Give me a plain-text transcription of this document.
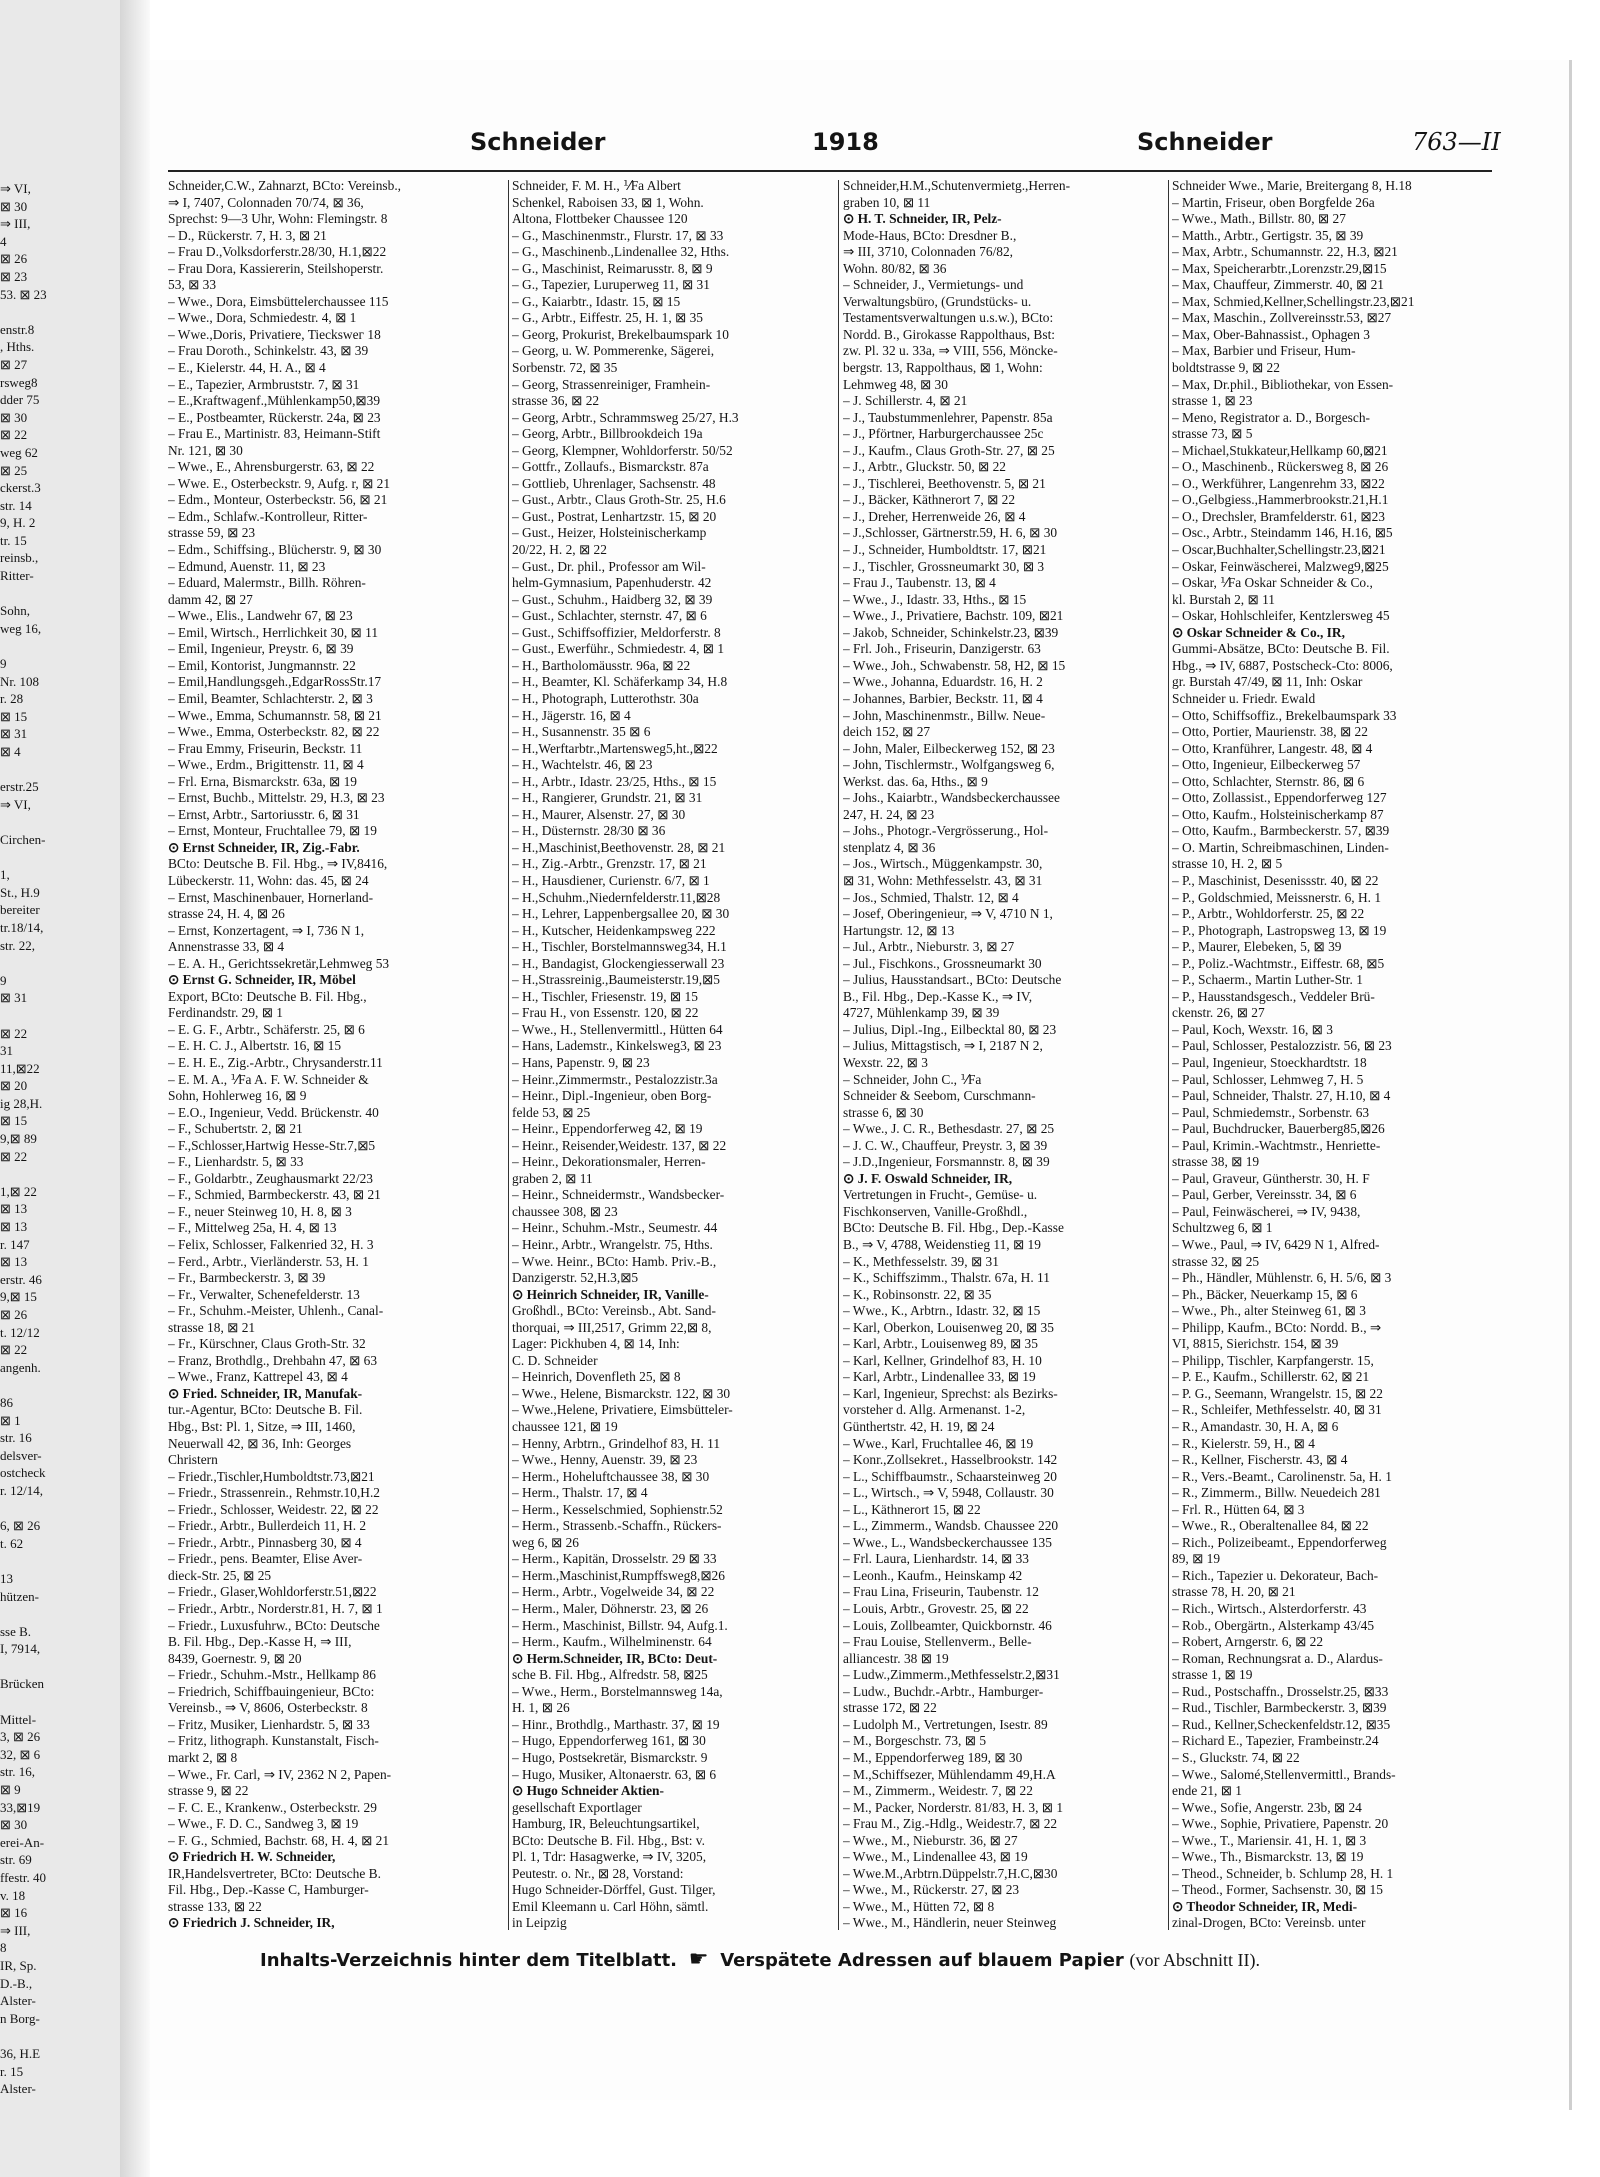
⇒ VI,
⊠ 30
⇒ III,
4
⊠ 26
⊠ 23
53. ⊠ 23
enstr.8
, Hths.
⊠ 27
rsweg8
dder 75
⊠ 30
⊠ 22
weg 62
⊠ 25
ckerst.3
str. 14
9, H. 2
tr. 15
reinsb.,
Ritter-
Sohn,
weg 16,
9
Nr. 108
r. 28
⊠ 15
⊠ 31
⊠ 4
erstr.25
⇒ VI,
Circhen-
1,
St., H.9
bereiter
tr.18/14,
str. 22,
9
⊠ 31
⊠ 22
31
11,⊠22
⊠ 20
ig 28,H.
⊠ 15
9,⊠ 89
⊠ 22
1,⊠ 22
⊠ 13
⊠ 13
r. 147
⊠ 13
erstr. 46
9,⊠ 15
⊠ 26
t. 12/12
⊠ 22
angenh.
86
⊠ 1
str. 16
delsver-
ostcheck
r. 12/14,
6, ⊠ 26
t. 62
13
hützen-
sse B.
I, 7914,
Brücken
Mittel-
3, ⊠ 26
32, ⊠ 6
str. 16,
⊠ 9
33,⊠19
⊠ 30
erei-An-
str. 69
ffestr. 40
v. 18
⊠ 16
⇒ III,
8
IR, Sp.
D.-B.,
Alster-
n Borg-
36, H.E
r. 15
Alster-
Schneider	1918	Schneider	763—II
Schneider,C.W., Zahnarzt, BCto: Vereinsb.,
⇒ I, 7407, Colonnaden 70/74, ⊠ 36,
Sprechst: 9—3 Uhr, Wohn: Flemingstr. 8
– D., Rückerstr. 7, H. 3, ⊠ 21
– Frau D.,Volksdorferstr.28/30, H.1,⊠22
– Frau Dora, Kassiererin, Steilshoperstr.
53, ⊠ 33
– Wwe., Dora, Eimsbüttelerchaussee 115
– Wwe., Dora, Schmiedestr. 4, ⊠ 1
– Wwe.,Doris, Privatiere, Tieckswег 18
– Frau Doroth., Schinkelstr. 43, ⊠ 39
– E., Kielerstr. 44, H. A., ⊠ 4
– E., Tapezier, Armbruststr. 7, ⊠ 31
– E.,Kraftwagenf.,Mühlenkamp50,⊠39
– E., Postbeamter, Rückerstr. 24a, ⊠ 23
– Frau E., Martinistr. 83, Heimann-Stift
Nr. 121, ⊠ 30
– Wwe., E., Ahrensburgerstr. 63, ⊠ 22
– Wwe. E., Osterbeckstr. 9, Aufg. r, ⊠ 21
– Edm., Monteur, Osterbeckstr. 56, ⊠ 21
– Edm., Schlafw.-Kontrolleur, Ritter-
strasse 59, ⊠ 23
– Edm., Schiffsing., Blücherstr. 9, ⊠ 30
– Edmund, Auenstr. 11, ⊠ 23
– Eduard, Malermstr., Billh. Röhren-
damm 42, ⊠ 27
– Wwe., Elis., Landwehr 67, ⊠ 23
– Emil, Wirtsch., Herrlichkeit 30, ⊠ 11
– Emil, Ingenieur, Preystr. 6, ⊠ 39
– Emil, Kontorist, Jungmannstr. 22
– Emil,Handlungsgeh.,EdgarRossStr.17
– Emil, Beamter, Schlachterstr. 2, ⊠ 3
– Wwe., Emma, Schumannstr. 58, ⊠ 21
– Wwe., Emma, Osterbeckstr. 82, ⊠ 22
– Frau Emmy, Friseurin, Beckstr. 11
– Wwe., Erdm., Brigittenstr. 11, ⊠ 4
– Frl. Erna, Bismarckstr. 63a, ⊠ 19
– Ernst, Buchb., Mittelstr. 29, H.3, ⊠ 23
– Ernst, Arbtr., Sartoriusstr. 6, ⊠ 31
– Ernst, Monteur, Fruchtallee 79, ⊠ 19
⊙ Ernst Schneider, IR, Zig.-Fabr.
BCto: Deutsche B. Fil. Hbg., ⇒ IV,8416,
Lübeckerstr. 11, Wohn: das. 45, ⊠ 24
– Ernst, Maschinenbauer, Hornerland-
strasse 24, H. 4, ⊠ 26
– Ernst, Konzertagent, ⇒ I, 736 N 1,
Annenstrasse 33, ⊠ 4
– E. A. H., Gerichtssekretär,Lehmweg 53
⊙ Ernst G. Schneider, IR, Möbel
Export, BCto: Deutsche B. Fil. Hbg.,
Ferdinandstr. 29, ⊠ 1
– E. G. F., Arbtr., Schäferstr. 25, ⊠ 6
– E. H. C. J., Albertstr. 16, ⊠ 15
– E. H. E., Zig.-Arbtr., Chrysanderstr.11
– E. M. A., ⅟Fa A. F. W. Schneider &
Sohn, Hohlerweg 16, ⊠ 9
– E.O., Ingenieur, Vedd. Brückenstr. 40
– F., Schubertstr. 2, ⊠ 21
– F.,Schlosser,Hartwig Hesse-Str.7,⊠5
– F., Lienhardstr. 5, ⊠ 33
– F., Goldarbtr., Zeughausmarkt 22/23
– F., Schmied, Barmbeckerstr. 43, ⊠ 21
– F., neuer Steinweg 10, H. 8, ⊠ 3
– F., Mittelweg 25a, H. 4, ⊠ 13
– Felix, Schlosser, Falkenried 32, H. 3
– Ferd., Arbtr., Vierländerstr. 53, H. 1
– Fr., Barmbeckerstr. 3, ⊠ 39
– Fr., Verwalter, Schenefelderstr. 13
– Fr., Schuhm.-Meister, Uhlenh., Canal-
strasse 18, ⊠ 21
– Fr., Kürschner, Claus Groth-Str. 32
– Franz, Brothdlg., Drehbahn 47, ⊠ 63
– Wwe., Franz, Kattrepel 43, ⊠ 4
⊙ Fried. Schneider, IR, Manufak-
tur.-Agentur, BCto: Deutsche B. Fil.
Hbg., Bst: Pl. 1, Sitze, ⇒ III, 1460,
Neuerwall 42, ⊠ 36, Inh: Georges
Christern
– Friedr.,Tischler,Humboldtstr.73,⊠21
– Friedr., Strassenrein., Rehmstr.10,H.2
– Friedr., Schlosser, Weidestr. 22, ⊠ 22
– Friedr., Arbtr., Bullerdeich 11, H. 2
– Friedr., Arbtr., Pinnasberg 30, ⊠ 4
– Friedr., pens. Beamter, Elise Aver-
dieck-Str. 25, ⊠ 25
– Friedr., Glaser,Wohldorferstr.51,⊠22
– Friedr., Arbtr., Norderstr.81, H. 7, ⊠ 1
– Friedr., Luxusfuhrw., BCto: Deutsche
B. Fil. Hbg., Dep.-Kasse H, ⇒ III,
8439, Goernestr. 9, ⊠ 20
– Friedr., Schuhm.-Mstr., Hellkamp 86
– Friedrich, Schiffbauingenieur, BCto:
Vereinsb., ⇒ V, 8606, Osterbeckstr. 8
– Fritz, Musiker, Lienhardstr. 5, ⊠ 33
– Fritz, lithograph. Kunstanstalt, Fisch-
markt 2, ⊠ 8
– Wwe., Fr. Carl, ⇒ IV, 2362 N 2, Papen-
strasse 9, ⊠ 22
– F. C. E., Krankenw., Osterbeckstr. 29
– Wwe., F. D. C., Sandweg 3, ⊠ 19
– F. G., Schmied, Bachstr. 68, H. 4, ⊠ 21
⊙ Friedrich H. W. Schneider,
IR,Handelsvertreter, BCto: Deutsche B.
Fil. Hbg., Dep.-Kasse C, Hamburger-
strasse 133, ⊠ 22
⊙ Friedrich J. Schneider, IR,
Schneider, F. M. H., ⅟Fa Albert
Schenkel, Raboisen 33, ⊠ 1, Wohn.
Altona, Flottbeker Chaussee 120
– G., Maschinenmstr., Flurstr. 17, ⊠ 33
– G., Maschinenb.,Lindenallee 32, Hths.
– G., Maschinist, Reimarusstr. 8, ⊠ 9
– G., Tapezier, Luruperweg 11, ⊠ 31
– G., Kaiarbtr., Idastr. 15, ⊠ 15
– G., Arbtr., Eiffestr. 25, H. 1, ⊠ 35
– Georg, Prokurist, Brekelbaumspark 10
– Georg, u. W. Pommerenke, Sägerei,
Sorbenstr. 72, ⊠ 35
– Georg, Strassenreiniger, Framhein-
strasse 36, ⊠ 22
– Georg, Arbtr., Schrammsweg 25/27, H.3
– Georg, Arbtr., Billbrookdeich 19a
– Georg, Klempner, Wohldorferstr. 50/52
– Gottfr., Zollaufs., Bismarckstr. 87a
– Gottlieb, Uhrenlager, Sachsenstr. 48
– Gust., Arbtr., Claus Groth-Str. 25, H.6
– Gust., Postrat, Lenhartzstr. 15, ⊠ 20
– Gust., Heizer, Holsteinischerkamp
20/22, H. 2, ⊠ 22
– Gust., Dr. phil., Professor am Wil-
helm-Gymnasium, Papenhuderstr. 42
– Gust., Schuhm., Haidberg 32, ⊠ 39
– Gust., Schlachter, sternstr. 47, ⊠ 6
– Gust., Schiffsoffizier, Meldorferstr. 8
– Gust., Ewerführ., Schmiedestr. 4, ⊠ 1
– H., Bartholomäusstr. 96a, ⊠ 22
– H., Beamter, Kl. Schäferkamp 34, H.8
– H., Photograph, Lutterothstr. 30a
– H., Jägerstr. 16, ⊠ 4
– H., Susannenstr. 35 ⊠ 6
– H.,Werftarbtr.,Martensweg5,ht.,⊠22
– H., Wachtelstr. 46, ⊠ 23
– H., Arbtr., Idastr. 23/25, Hths., ⊠ 15
– H., Rangierer, Grundstr. 21, ⊠ 31
– H., Maurer, Alsenstr. 27, ⊠ 30
– H., Düsternstr. 28/30 ⊠ 36
– H.,Maschinist,Beethovenstr. 28, ⊠ 21
– H., Zig.-Arbtr., Grenzstr. 17, ⊠ 21
– H., Hausdiener, Curienstr. 6/7, ⊠ 1
– H.,Schuhm.,Niedernfelderstr.11,⊠28
– H., Lehrer, Lappenbergsallee 20, ⊠ 30
– H., Kutscher, Heidenkampsweg 222
– H., Tischler, Borstelmannsweg34, H.1
– H., Bandagist, Glockengiesserwall 23
– H.,Strassreinig.,Baumeisterstr.19,⊠5
– H., Tischler, Friesenstr. 19, ⊠ 15
– Frau H., von Essenstr. 120, ⊠ 22
– Wwe., H., Stellenvermittl., Hütten 64
– Hans, Lademstr., Kinkelsweg3, ⊠ 23
– Hans, Papenstr. 9, ⊠ 23
– Heinr.,Zimmermstr., Pestalozzistr.3a
– Heinr., Dipl.-Ingenieur, oben Borg-
felde 53, ⊠ 25
– Heinr., Eppendorferweg 42, ⊠ 19
– Heinr., Reisender,Weidestr. 137, ⊠ 22
– Heinr., Dekorationsmaler, Herren-
graben 2, ⊠ 11
– Heinr., Schneidermstr., Wandsbecker-
chaussee 308, ⊠ 23
– Heinr., Schuhm.-Mstr., Seumestr. 44
– Heinr., Arbtr., Wrangelstr. 75, Hths.
– Wwe. Heinr., BCto: Hamb. Priv.-B.,
Danzigerstr. 52,H.3,⊠5
⊙ Heinrich Schneider, IR, Vanille-
Großhdl., BCto: Vereinsb., Abt. Sand-
thorquai, ⇒ III,2517, Grimm 22,⊠ 8,
Lager: Pickhuben 4, ⊠ 14, Inh:
C. D. Schneider
– Heinrich, Dovenfleth 25, ⊠ 8
– Wwe., Helene, Bismarckstr. 122, ⊠ 30
– Wwe.,Helene, Privatiere, Eimsbütteler-
chaussee 121, ⊠ 19
– Henny, Arbtrn., Grindelhof 83, H. 11
– Wwe., Henny, Auenstr. 39, ⊠ 23
– Herm., Hoheluftchaussee 38, ⊠ 30
– Herm., Thalstr. 17, ⊠ 4
– Herm., Kesselschmied, Sophienstr.52
– Herm., Strassenb.-Schaffn., Rückers-
weg 6, ⊠ 26
– Herm., Kapitän, Drosselstr. 29 ⊠ 33
– Herm.,Maschinist,Rumpffsweg8,⊠26
– Herm., Arbtr., Vogelweide 34, ⊠ 22
– Herm., Maler, Döhnerstr. 23, ⊠ 26
– Herm., Maschinist, Billstr. 94, Aufg.1.
– Herm., Kaufm., Wilhelminenstr. 64
⊙ Herm.Schneider, IR, BCto: Deut-
sche B. Fil. Hbg., Alfredstr. 58, ⊠25
– Wwe., Herm., Borstelmannsweg 14a,
H. 1, ⊠ 26
– Hinr., Brothdlg., Marthastr. 37, ⊠ 19
– Hugo, Eppendorferweg 161, ⊠ 30
– Hugo, Postsekretär, Bismarckstr. 9
– Hugo, Musiker, Altonaerstr. 63, ⊠ 6
⊙ Hugo Schneider Aktien-
gesellschaft Exportlager
Hamburg, IR, Beleuchtungsartikel,
BCto: Deutsche B. Fil. Hbg., Bst: v.
Pl. 1, Tdr: Hasagwerke, ⇒ IV, 3205,
Peutestr. o. Nr., ⊠ 28, Vorstand:
Hugo Schneider-Dörffel, Gust. Tilger,
Emil Kleemann u. Carl Höhn, sämtl.
in Leipzig
Schneider,H.M.,Schutenvermietg.,Herren-
graben 10, ⊠ 11
⊙ H. T. Schneider, IR, Pelz-
Mode-Haus, BCto: Dresdner B.,
⇒ III, 3710, Colonnaden 76/82,
Wohn. 80/82, ⊠ 36
– Schneider, J., Vermietungs- und
Verwaltungsbüro, (Grundstücks- u.
Testamentsverwaltungen u.s.w.), BCto:
Nordd. B., Girokasse Rappolthaus, Bst:
zw. Pl. 32 u. 33a, ⇒ VIII, 556, Mönckе-
bergstr. 13, Rappolthaus, ⊠ 1, Wohn:
Lehmweg 48, ⊠ 30
– J. Schillerstr. 4, ⊠ 21
– J., Taubstummenlehrer, Papenstr. 85a
– J., Pförtner, Harburgerchaussee 25c
– J., Kaufm., Claus Groth-Str. 27, ⊠ 25
– J., Arbtr., Gluckstr. 50, ⊠ 22
– J., Tischlerei, Beethovenstr. 5, ⊠ 21
– J., Bäcker, Käthnerort 7, ⊠ 22
– J., Dreher, Herrenweide 26, ⊠ 4
– J.,Schlosser, Gärtnerstr.59, H. 6, ⊠ 30
– J., Schneider, Humboldtstr. 17, ⊠21
– J., Tischler, Grossneumarkt 30, ⊠ 3
– Frau J., Taubenstr. 13, ⊠ 4
– Wwe., J., Idastr. 33, Hths., ⊠ 15
– Wwe., J., Privatiere, Bachstr. 109, ⊠21
– Jakob, Schneider, Schinkelstr.23, ⊠39
– Frl. Joh., Friseurin, Danzigerstr. 63
– Wwe., Joh., Schwabenstr. 58, H2, ⊠ 15
– Wwe., Johanna, Eduardstr. 16, H. 2
– Johannes, Barbier, Beckstr. 11, ⊠ 4
– John, Maschinenmstr., Billw. Neue-
deich 152, ⊠ 27
– John, Maler, Eilbeckerweg 152, ⊠ 23
– John, Tischlermstr., Wolfgangsweg 6,
Werkst. das. 6a, Hths., ⊠ 9
– Johs., Kaiarbtr., Wandsbeckerchaussee
247, H. 24, ⊠ 23
– Johs., Photogr.-Vergrösserung., Hol-
stenplatz 4, ⊠ 36
– Jos., Wirtsch., Müggenkampstr. 30,
⊠ 31, Wohn: Methfesselstr. 43, ⊠ 31
– Jos., Schmied, Thalstr. 12, ⊠ 4
– Josef, Oberingenieur, ⇒ V, 4710 N 1,
Hartungstr. 12, ⊠ 13
– Jul., Arbtr., Nieburstr. 3, ⊠ 27
– Jul., Fischkons., Grossneumarkt 30
– Julius, Hausstandsart., BCto: Deutsche
B., Fil. Hbg., Dep.-Kasse K., ⇒ IV,
4727, Mühlenkamp 39, ⊠ 39
– Julius, Dipl.-Ing., Eilbecktal 80, ⊠ 23
– Julius, Mittagstisch, ⇒ I, 2187 N 2,
Wexstr. 22, ⊠ 3
– Schneider, John C., ⅟Fa
Schneider & Seebom, Curschmann-
strasse 6, ⊠ 30
– Wwe., J. C. R., Bethesdastr. 27, ⊠ 25
– J. C. W., Chauffeur, Preystr. 3, ⊠ 39
– J.D.,Ingenieur, Forsmannstr. 8, ⊠ 39
⊙ J. F. Oswald Schneider, IR,
Vertretungen in Frucht-, Gemüse- u.
Fischkonserven, Vanille-Großhdl.,
BCto: Deutsche B. Fil. Hbg., Dep.-Kasse
B., ⇒ V, 4788, Weidenstieg 11, ⊠ 19
– K., Methfesselstr. 39, ⊠ 31
– K., Schiffszimm., Thalstr. 67a, H. 11
– K., Robinsonstr. 22, ⊠ 35
– Wwe., K., Arbtrn., Idastr. 32, ⊠ 15
– Karl, Oberkon, Louisenweg 20, ⊠ 35
– Karl, Arbtr., Louisenweg 89, ⊠ 35
– Karl, Kellner, Grindelhof 83, H. 10
– Karl, Arbtr., Lindenallee 33, ⊠ 19
– Karl, Ingenieur, Sprechst: als Bezirks-
vorsteher d. Allg. Armenanst. 1-2,
Günthertstr. 42, H. 19, ⊠ 24
– Wwe., Karl, Fruchtallee 46, ⊠ 19
– Konr.,Zollsekret., Hasselbrookstr. 142
– L., Schiffbaumstr., Schaarsteinweg 20
– L., Wirtsch., ⇒ V, 5948, Collaustr. 30
– L., Käthnerort 15, ⊠ 22
– L., Zimmerm., Wandsb. Chaussee 220
– Wwe., L., Wandsbeckerchaussee 135
– Frl. Laura, Lienhardstr. 14, ⊠ 33
– Leonh., Kaufm., Heinskamp 42
– Frau Lina, Friseurin, Taubenstr. 12
– Louis, Arbtr., Grovestr. 25, ⊠ 22
– Louis, Zollbeamter, Quickbornstr. 46
– Frau Louise, Stellenverm., Belle-
alliancestr. 38 ⊠ 19
– Ludw.,Zimmerm.,Methfesselstr.2,⊠31
– Ludw., Buchdr.-Arbtr., Hamburger-
strasse 172, ⊠ 22
– Ludolph M., Vertretungen, Isestr. 89
– M., Borgeschstr. 73, ⊠ 5
– M., Eppendorferweg 189, ⊠ 30
– M.,Schiffsezer, Mühlendamm 49,H.A
– M., Zimmerm., Weidestr. 7, ⊠ 22
– M., Packer, Norderstr. 81/83, H. 3, ⊠ 1
– Frau M., Zig.-Hdlg., Weidestr.7, ⊠ 22
– Wwe., M., Nieburstr. 36, ⊠ 27
– Wwe., M., Lindenallee 43, ⊠ 19
– Wwe.M.,Arbtrn.Düppelstr.7,H.C,⊠30
– Wwe., M., Rückerstr. 27, ⊠ 23
– Wwe., M., Hütten 72, ⊠ 8
– Wwe., M., Händlerin, neuer Steinweg
Schneider Wwe., Marie, Breitergang 8, H.18
– Martin, Friseur, oben Borgfelde 26a
– Wwe., Math., Billstr. 80, ⊠ 27
– Matth., Arbtr., Gertigstr. 35, ⊠ 39
– Max, Arbtr., Schumannstr. 22, H.3, ⊠21
– Max, Speicherarbtr.,Lorenzstr.29,⊠15
– Max, Chauffeur, Zimmerstr. 40, ⊠ 21
– Max, Schmied,Kellner,Schellingstr.23,⊠21
– Max, Maschin., Zollvereinsstr.53, ⊠27
– Max, Ober-Bahnassist., Ophagen 3
– Max, Barbier und Friseur, Hum-
boldtstrasse 9, ⊠ 22
– Max, Dr.phil., Bibliothekar, von Essen-
strasse 1, ⊠ 23
– Meno, Registrator a. D., Borgesch-
strasse 73, ⊠ 5
– Michael,Stukkateur,Hellkamp 60,⊠21
– O., Maschinenb., Rückersweg 8, ⊠ 26
– O., Werkführer, Langenrehm 33, ⊠22
– O.,Gelbgiess.,Hammerbrookstr.21,H.1
– O., Drechsler, Bramfelderstr. 61, ⊠23
– Osc., Arbtr., Steindamm 146, H.16, ⊠5
– Oscar,Buchhalter,Schellingstr.23,⊠21
– Oskar, Feinwäscherei, Malzweg9,⊠25
– Oskar, ⅟Fa Oskar Schneider & Co.,
kl. Burstah 2, ⊠ 11
– Oskar, Hohlschleifer, Kentzlersweg 45
⊙ Oskar Schneider & Co., IR,
Gummi-Absätze, BCto: Deutsche B. Fil.
Hbg., ⇒ IV, 6887, Postscheck-Cto: 8006,
gr. Burstah 47/49, ⊠ 11, Inh: Oskar
Schneider u. Friedr. Ewald
– Otto, Schiffsoffiz., Brekelbaumspark 33
– Otto, Portier, Maurienstr. 38, ⊠ 22
– Otto, Kranführer, Langestr. 48, ⊠ 4
– Otto, Ingenieur, Eilbeckerweg 57
– Otto, Schlachter, Sternstr. 86, ⊠ 6
– Otto, Zollassist., Eppendorferweg 127
– Otto, Kaufm., Holsteinischerkamp 87
– Otto, Kaufm., Barmbeckerstr. 57, ⊠39
– O. Martin, Schreibmaschinen, Linden-
strasse 10, H. 2, ⊠ 5
– P., Maschinist, Desenissstr. 40, ⊠ 22
– P., Goldschmied, Meissnerstr. 6, H. 1
– P., Arbtr., Wohldorferstr. 25, ⊠ 22
– P., Photograph, Lastropsweg 13, ⊠ 19
– P., Maurer, Elebeken, 5, ⊠ 39
– P., Poliz.-Wachtmstr., Eiffestr. 68, ⊠5
– P., Schaerm., Martin Luther-Str. 1
– P., Hausstandsgesch., Veddeler Brü-
ckenstr. 26, ⊠ 27
– Paul, Koch, Wexstr. 16, ⊠ 3
– Paul, Schlosser, Pestalozzistr. 56, ⊠ 23
– Paul, Ingenieur, Stoeckhardtstr. 18
– Paul, Schlosser, Lehmweg 7, H. 5
– Paul, Schneider, Thalstr. 27, H.10, ⊠ 4
– Paul, Schmiedemstr., Sorbenstr. 63
– Paul, Buchdrucker, Bauerberg85,⊠26
– Paul, Krimin.-Wachtmstr., Henriette-
strasse 38, ⊠ 19
– Paul, Graveur, Güntherstr. 30, H. F
– Paul, Gerber, Vereinsstr. 34, ⊠ 6
– Paul, Feinwäscherei, ⇒ IV, 9438,
Schultzweg 6, ⊠ 1
– Wwe., Paul, ⇒ IV, 6429 N 1, Alfred-
strasse 32, ⊠ 25
– Ph., Händler, Mühlenstr. 6, H. 5/6, ⊠ 3
– Ph., Bäcker, Neuerkamp 15, ⊠ 6
– Wwe., Ph., alter Steinweg 61, ⊠ 3
– Philipp, Kaufm., BCto: Nordd. B., ⇒
VI, 8815, Sierichstr. 154, ⊠ 39
– Philipp, Tischler, Karpfangerstr. 15,
– P. E., Kaufm., Schillerstr. 62, ⊠ 21
– P. G., Seemann, Wrangelstr. 15, ⊠ 22
– R., Schleifer, Methfesselstr. 40, ⊠ 31
– R., Amandastr. 30, H. A, ⊠ 6
– R., Kielerstr. 59, H., ⊠ 4
– R., Kellner, Fischerstr. 43, ⊠ 4
– R., Vers.-Beamt., Carolinenstr. 5a, H. 1
– R., Zimmerm., Billw. Neuedeich 281
– Frl. R., Hütten 64, ⊠ 3
– Wwe., R., Oberaltenallee 84, ⊠ 22
– Rich., Polizeibeamt., Eppendorferweg
89, ⊠ 19
– Rich., Tapezier u. Dekorateur, Bach-
strasse 78, H. 20, ⊠ 21
– Rich., Wirtsch., Alsterdorferstr. 43
– Rob., Obergärtn., Alsterkamp 43/45
– Robert, Arngerstr. 6, ⊠ 22
– Roman, Rechnungsrat a. D., Alardus-
strasse 1, ⊠ 19
– Rud., Postschaffn., Drosselstr.25, ⊠33
– Rud., Tischler, Barmbeckerstr. 3, ⊠39
– Rud., Kellner,Scheckenfeldstr.12, ⊠35
– Richard E., Tapezier, Frambeinstr.24
– S., Gluckstr. 74, ⊠ 22
– Wwe., Salomé,Stellenvermittl., Brands-
ende 21, ⊠ 1
– Wwe., Sofie, Angerstr. 23b, ⊠ 24
– Wwe., Sophie, Privatiere, Papenstr. 20
– Wwe., T., Mariensir. 41, H. 1, ⊠ 3
– Wwe., Th., Bismarckstr. 13, ⊠ 19
– Theod., Schneider, b. Schlump 28, H. 1
– Theod., Former, Sachsenstr. 30, ⊠ 15
⊙ Theodor Schneider, IR, Medi-
zinal-Drogen, BCto: Vereinsb. unter
Inhalts-Verzeichnis hinter dem Titelblatt. ☛ Verspätete Adressen auf blauem Papier (vor Abschnitt II).
